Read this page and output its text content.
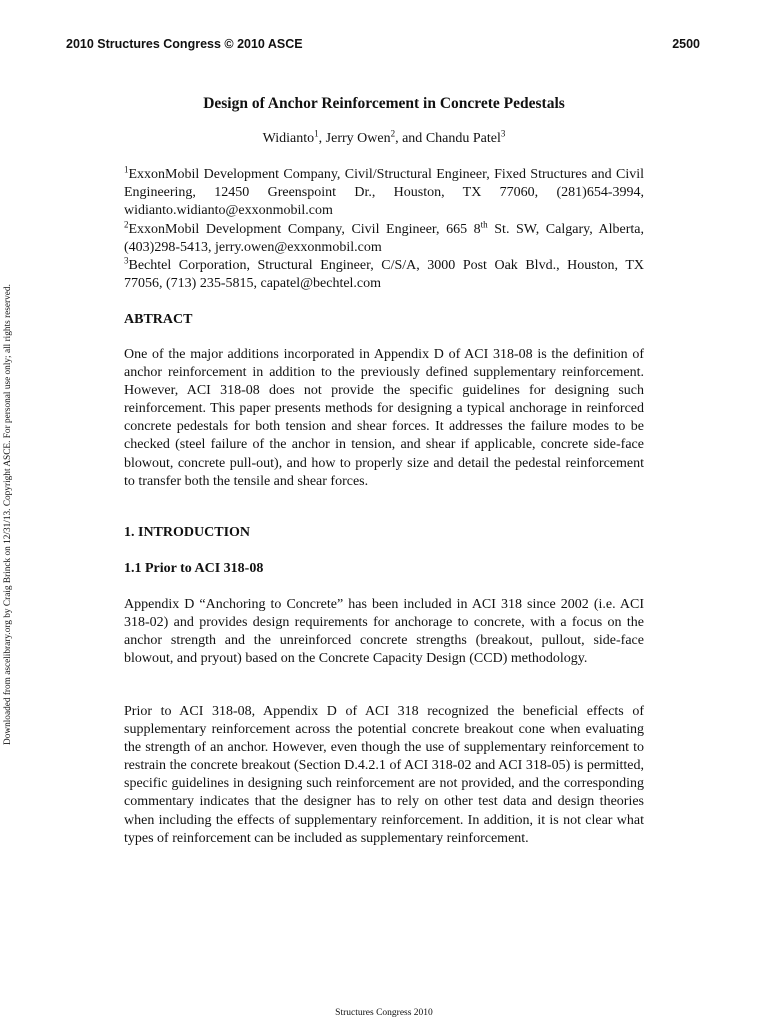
2010 Structures Congress © 2010 ASCE	2500
Downloaded from ascelibrary.org by Craig Brinck on 12/31/13. Copyright ASCE. For personal use only; all rights reserved.
Design of Anchor Reinforcement in Concrete Pedestals
Widianto$^1$, Jerry Owen$^2$, and Chandu Patel$^3$
$^1$ExxonMobil Development Company, Civil/Structural Engineer, Fixed Structures and Civil Engineering, 12450 Greenspoint Dr., Houston, TX 77060, (281)654-3994, widianto.widianto@exxonmobil.com
$^2$ExxonMobil Development Company, Civil Engineer, 665 8th St. SW, Calgary, Alberta, (403)298-5413, jerry.owen@exxonmobil.com
$^3$Bechtel Corporation, Structural Engineer, C/S/A, 3000 Post Oak Blvd., Houston, TX 77056, (713) 235-5815, capatel@bechtel.com
ABTRACT

One of the major additions incorporated in Appendix D of ACI 318-08 is the definition of anchor reinforcement in addition to the previously defined supplementary reinforcement. However, ACI 318-08 does not provide the specific guidelines for designing such reinforcement. This paper presents methods for designing a typical anchorage in reinforced concrete pedestals for both tension and shear forces. It addresses the failure modes to be checked (steel failure of the anchor in tension, and shear if applicable, concrete side-face blowout, concrete pull-out), and how to properly size and detail the pedestal reinforcement to transfer both the tensile and shear forces.

1. INTRODUCTION
1.1 Prior to ACI 318-08

Appendix D “Anchoring to Concrete” has been included in ACI 318 since 2002 (i.e. ACI 318-02) and provides design requirements for anchorage to concrete, with a focus on the anchor strength and the unreinforced concrete strengths (breakout, pullout, side-face blowout, and pryout) based on the Concrete Capacity Design (CCD) methodology.

Prior to ACI 318-08, Appendix D of ACI 318 recognized the beneficial effects of supplementary reinforcement across the potential concrete breakout cone when evaluating the strength of an anchor. However, even though the use of supplementary reinforcement to restrain the concrete breakout (Section D.4.2.1 of ACI 318-02 and ACI 318-05) is permitted, specific guidelines in designing such reinforcement are not provided, and the corresponding commentary indicates that the designer has to rely on other test data and design theories when including the effects of supplementary reinforcement. In addition, it is not clear what types of reinforcement can be included as supplementary reinforcement.

Structures Congress 2010
